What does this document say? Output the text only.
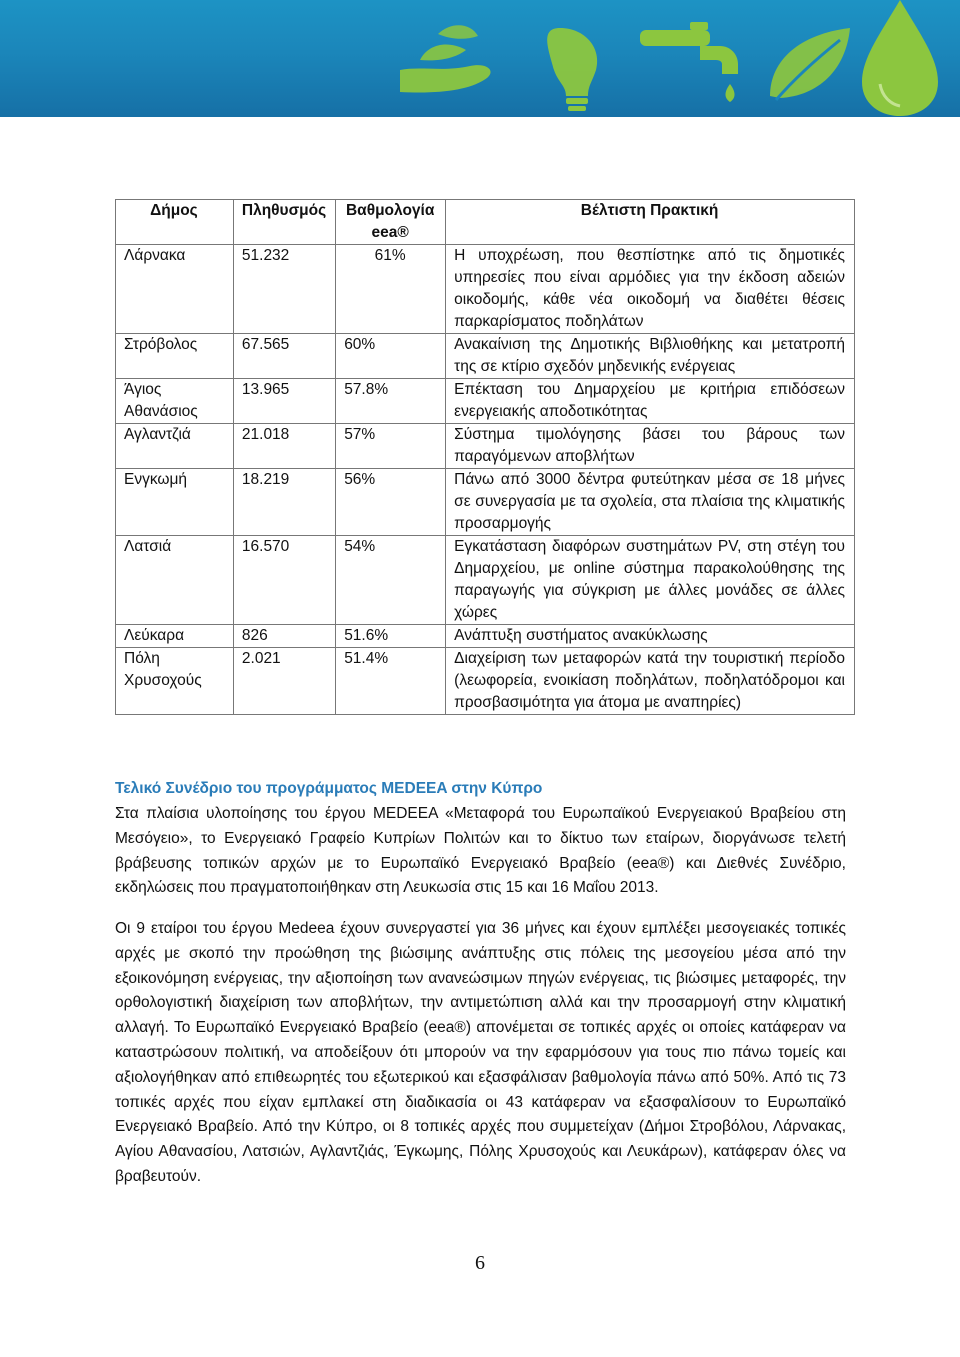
Δήμος	Πληθυσμός	Βαθμολογία eea®	Βέλτιστη Πρακτική
Λάρνακα	51.232	61%	Η υποχρέωση, που θεσπίστηκε από τις δημοτικές υπηρεσίες που είναι αρμόδιες για την έκδοση αδειών οικοδομής, κάθε νέα οικοδομή να διαθέτει θέσεις παρκαρίσματος ποδηλάτων
Στρόβολος	67.565	60%	Ανακαίνιση της Δημοτικής Βιβλιοθήκης και μετατροπή της σε κτίριο σχεδόν μηδενικής ενέργειας
Άγιος Αθανάσιος	13.965	57.8%	Επέκταση του Δημαρχείου με κριτήρια επιδόσεων ενεργειακής αποδοτικότητας
Αγλαντζιά	21.018	57%	Σύστημα τιμολόγησης βάσει του βάρους των παραγόμενων αποβλήτων
Ενγκωμή	18.219	56%	Πάνω από 3000 δέντρα φυτεύτηκαν μέσα σε 18 μήνες σε συνεργασία με τα σχολεία, στα πλαίσια της κλιματικής προσαρμογής
Λατσιά	16.570	54%	Εγκατάσταση διαφόρων συστημάτων PV, στη στέγη του Δημαρχείου, με online σύστημα παρακολούθησης της παραγωγής για σύγκριση με άλλες μονάδες σε άλλες χώρες
Λεύκαρα	826	51.6%	Ανάπτυξη συστήματος ανακύκλωσης
Πόλη Χρυσοχούς	2.021	51.4%	Διαχείριση των μεταφορών κατά την τουριστική περίοδο (λεωφορεία, ενοικίαση ποδηλάτων, ποδηλατόδρομοι και προσβασιμότητα για άτομα με αναπηρίες)
Τελικό Συνέδριο του προγράμματος MEDEEA στην Κύπρο

Στα πλαίσια υλοποίησης του έργου MEDEEA «Μεταφορά του Ευρωπαϊκού Ενεργειακού Βραβείου στη Μεσόγειο», το Ενεργειακό Γραφείο Κυπρίων Πολιτών και το δίκτυο των εταίρων, διοργάνωσε τελετή βράβευσης τοπικών αρχών με το Ευρωπαϊκό Ενεργειακό Βραβείο (eea®) και Διεθνές Συνέδριο, εκδηλώσεις που πραγματοποιήθηκαν στη Λευκωσία στις 15 και 16 Μαΐου 2013.

Οι 9 εταίροι του έργου Medeea έχουν συνεργαστεί για 36 μήνες και έχουν εμπλέξει μεσογειακές τοπικές αρχές με σκοπό την προώθηση της βιώσιμης ανάπτυξης στις πόλεις της μεσογείου μέσα από την εξοικονόμηση ενέργειας, την αξιοποίηση των ανανεώσιμων πηγών ενέργειας, τις βιώσιμες μεταφορές, την ορθολογιστική διαχείριση των αποβλήτων, την αντιμετώπιση αλλά και την προσαρμογή στην κλιματική αλλαγή. Το Ευρωπαϊκό Ενεργειακό Βραβείο (eea®) απονέμεται σε τοπικές αρχές οι οποίες κατάφεραν να καταστρώσουν πολιτική, να αποδείξουν ότι μπορούν να την εφαρμόσουν για τους πιο πάνω τομείς και αξιολογήθηκαν από επιθεωρητές του εξωτερικού και εξασφάλισαν βαθμολογία πάνω από 50%. Από τις 73 τοπικές αρχές που είχαν εμπλακεί στη διαδικασία οι 43 κατάφεραν να εξασφαλίσουν το Ευρωπαϊκό Ενεργειακό Βραβείο. Από την Κύπρο, οι 8 τοπικές αρχές που συμμετείχαν (Δήμοι Στροβόλου, Λάρνακας, Αγίου Αθανασίου, Λατσιών, Αγλαντζιάς, Έγκωμης, Πόλης Χρυσοχούς και Λευκάρων), κατάφεραν όλες να βραβευτούν.

6
